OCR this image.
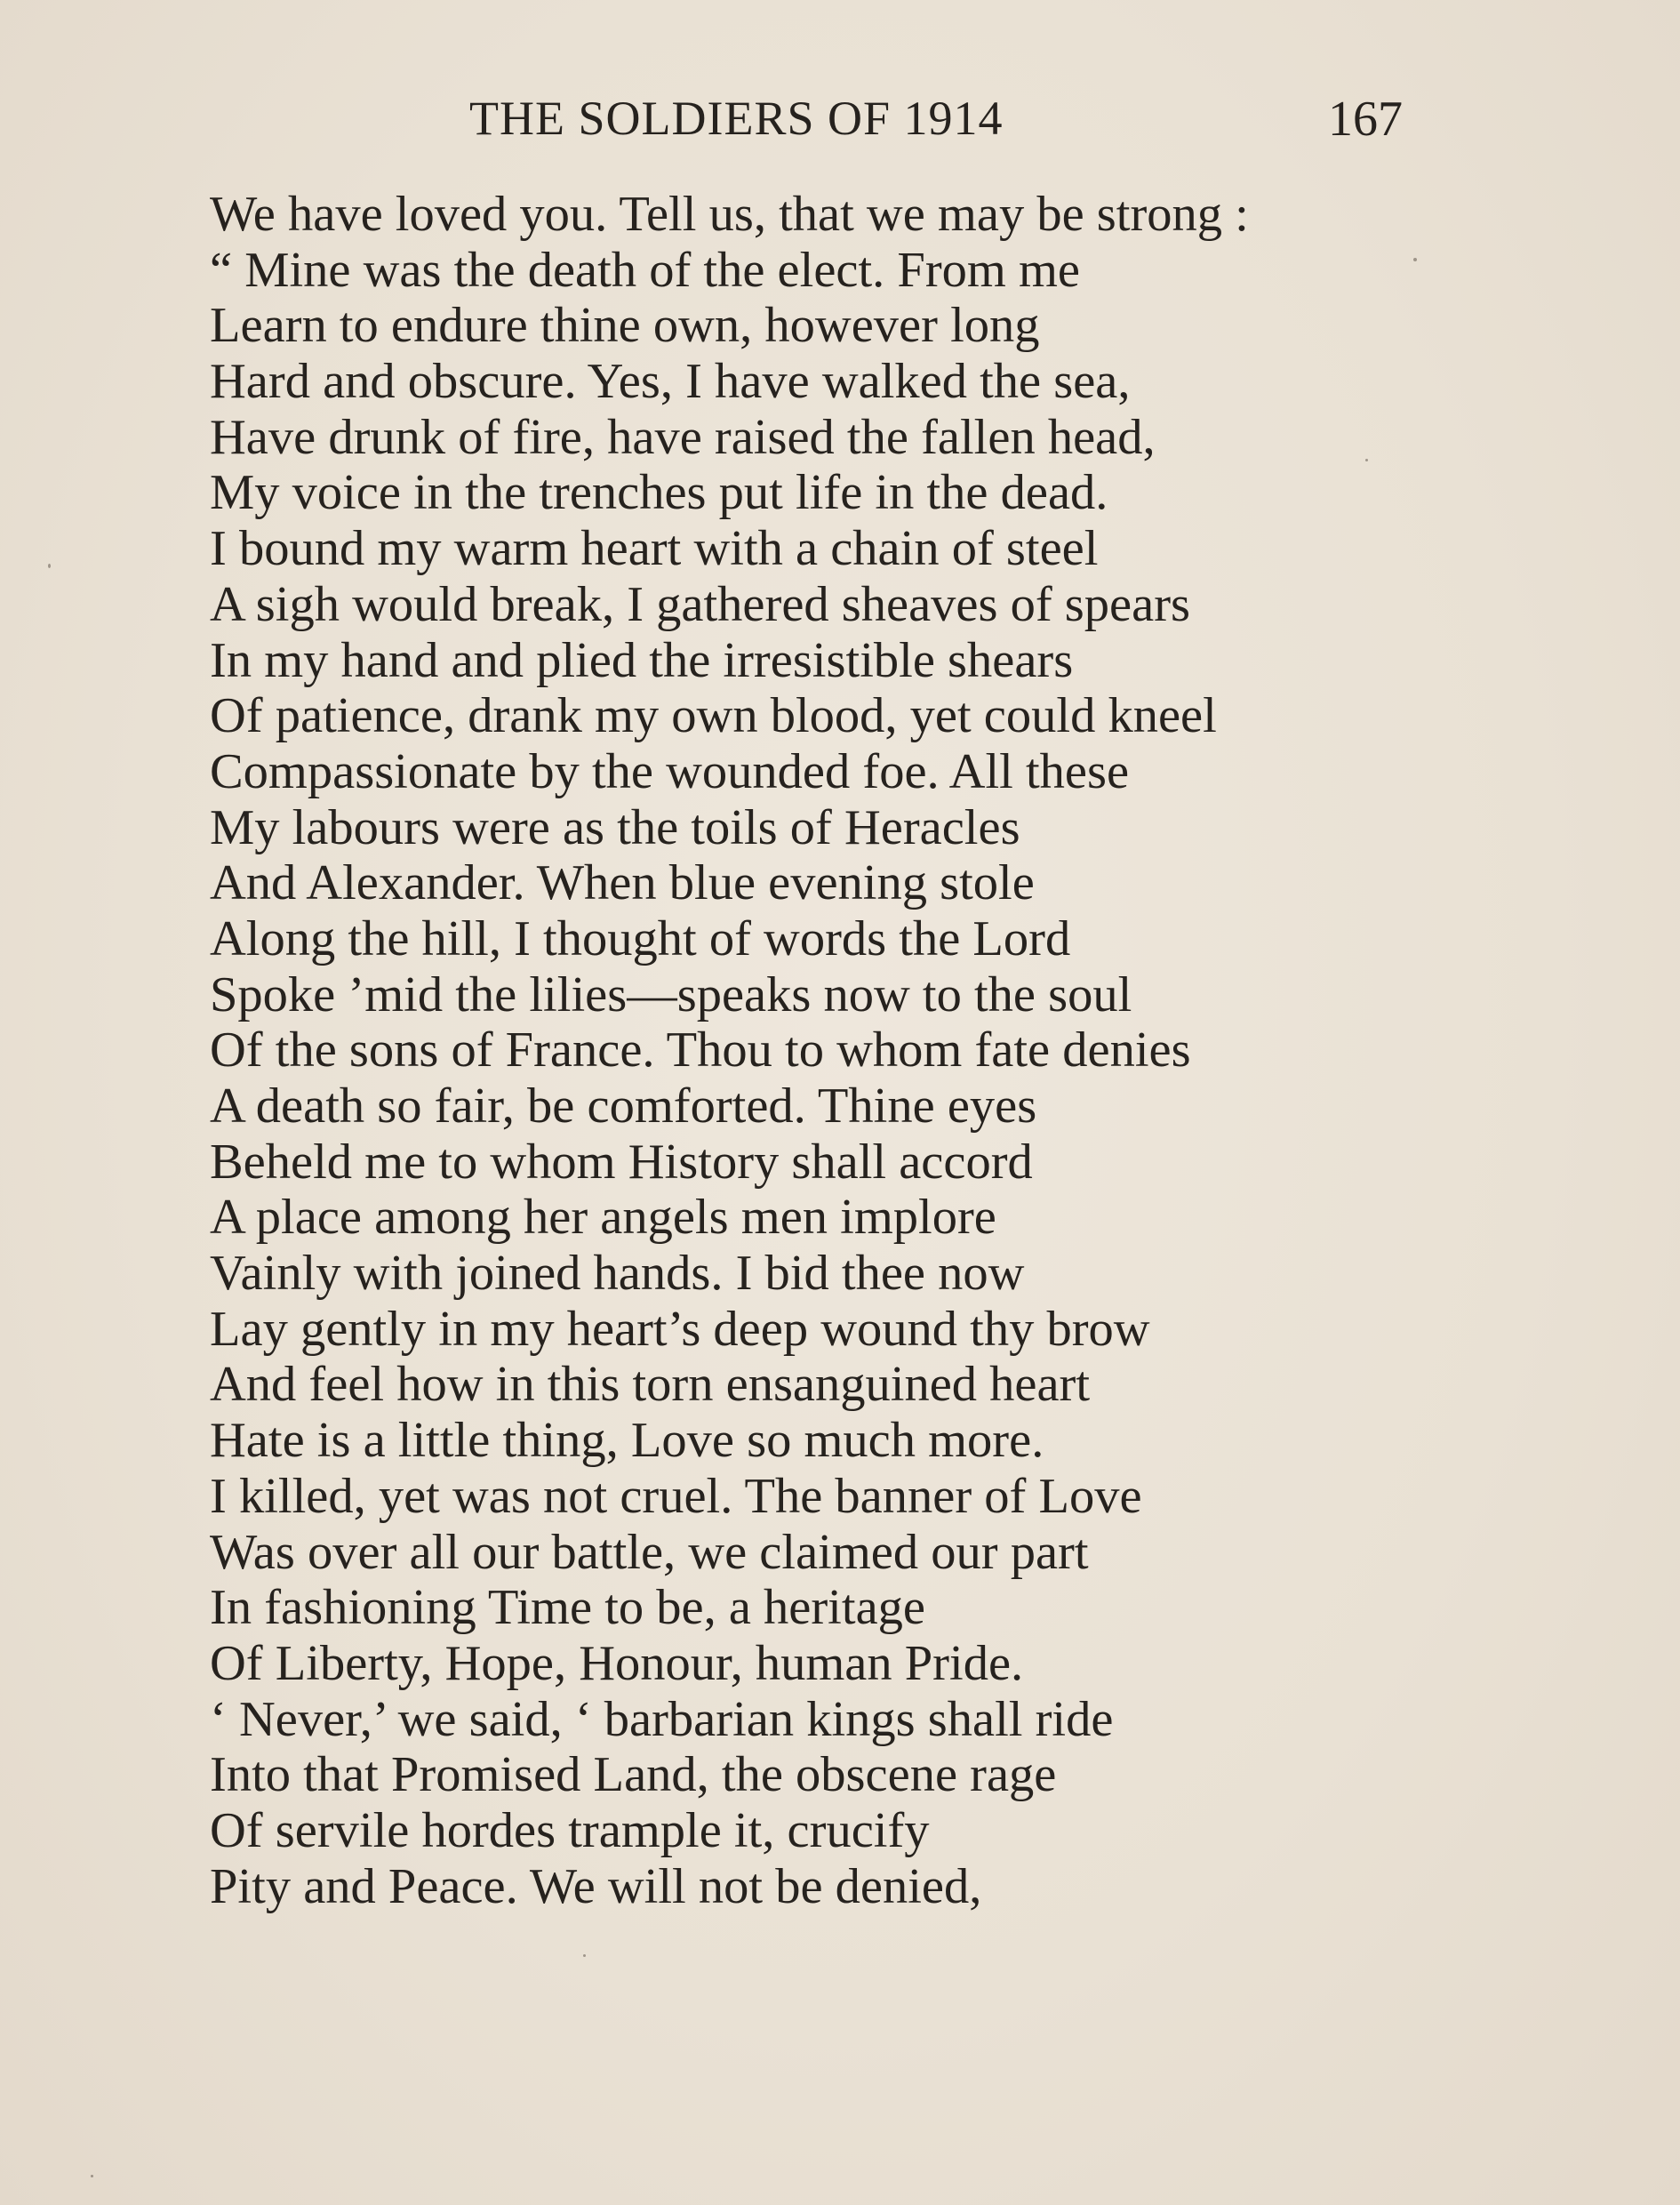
THE SOLDIERS OF 1914	167
We have loved you. Tell us, that we may be strong :
“ Mine was the death of the elect. From me
Learn to endure thine own, however long
Hard and obscure. Yes, I have walked the sea,
Have drunk of fire, have raised the fallen head,
My voice in the trenches put life in the dead.
I bound my warm heart with a chain of steel
A sigh would break, I gathered sheaves of spears
In my hand and plied the irresistible shears
Of patience, drank my own blood, yet could kneel
Compassionate by the wounded foe. All these
My labours were as the toils of Heracles
And Alexander. When blue evening stole
Along the hill, I thought of words the Lord
Spoke ’mid the lilies—speaks now to the soul
Of the sons of France. Thou to whom fate denies
A death so fair, be comforted. Thine eyes
Beheld me to whom History shall accord
A place among her angels men implore
Vainly with joined hands. I bid thee now
Lay gently in my heart’s deep wound thy brow
And feel how in this torn ensanguined heart
Hate is a little thing, Love so much more.
I killed, yet was not cruel. The banner of Love
Was over all our battle, we claimed our part
In fashioning Time to be, a heritage
Of Liberty, Hope, Honour, human Pride.
‘ Never,’ we said, ‘ barbarian kings shall ride
Into that Promised Land, the obscene rage
Of servile hordes trample it, crucify
Pity and Peace. We will not be denied,
